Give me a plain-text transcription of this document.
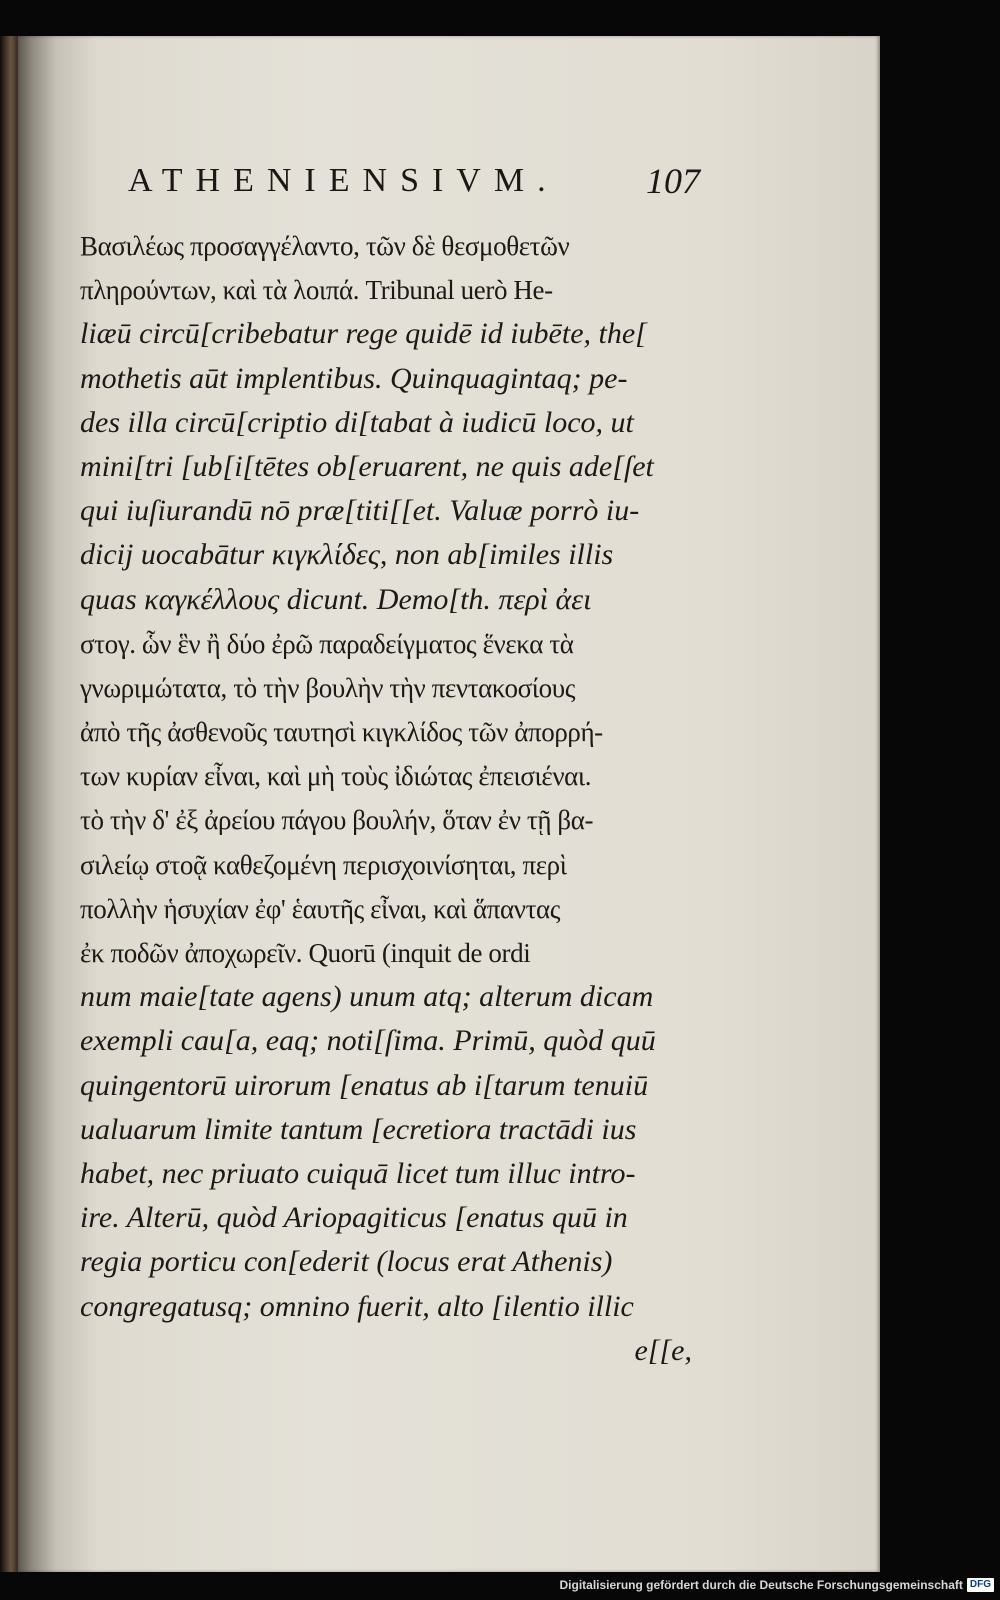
ATHENIENSIVM. 107
Βασιλέως προσαγγέλαντο, τῶν δὲ θεσμοθετῶν
πληρούντων, καὶ τὰ λοιπά. Tribunal uerò He-
liæū circū[cribebatur rege quidē id iubēte, the[
mothetis aūt implentibus. Quinquagintaq; pe-
des illa circū[criptio di[tabat à iudicū loco, ut
mini[tri [ub[i[tētes ob[eruarent, ne quis ade[ſet
qui iuſiurandū nō præ[titi[[et. Valuæ porrò iu-
dicij uocabātur κιγκλίδες, non ab[imiles illis
quas καγκέλλους dicunt. Demo[th. περὶ ἀει
στογ. ὧν ἓν ἢ δύο ἐρῶ παραδείγματος ἕνεκα τὰ
γνωριμώτατα, τὸ τὴν βουλὴν τὴν πεντακοσίους
ἀπὸ τῆς ἀσθενοῦς ταυτησὶ κιγκλίδος τῶν ἀπορρή-
των κυρίαν εἶναι, καὶ μὴ τοὺς ἰδιώτας ἐπεισιέναι.
τὸ τὴν δ' ἐξ ἀρείου πάγου βουλήν, ὅταν ἐν τῇ βα-
σιλείῳ στοᾷ καθεζομένη περισχοινίσηται, περὶ
πολλὴν ἡσυχίαν ἐφ' ἑαυτῆς εἶναι, καὶ ἅπαντας
ἐκ ποδῶν ἀποχωρεῖν. Quorū (inquit de ordi
num maie[tate agens) unum atq; alterum dicam
exempli cau[a, eaq; noti[ſima. Primū, quòd quū
quingentorū uirorum [enatus ab i[tarum tenuiū
ualuarum limite tantum [ecretiora tractādi ius
habet, nec priuato cuiquā licet tum illuc intro-
ire. Alterū, quòd Ariopagiticus [enatus quū in
regia porticu con[ederit (locus erat Athenis)
congregatusq; omnino fuerit, alto [ilentio illic
e[[e,
Digitalisierung gefördert durch die Deutsche Forschungsgemeinschaft DFG
